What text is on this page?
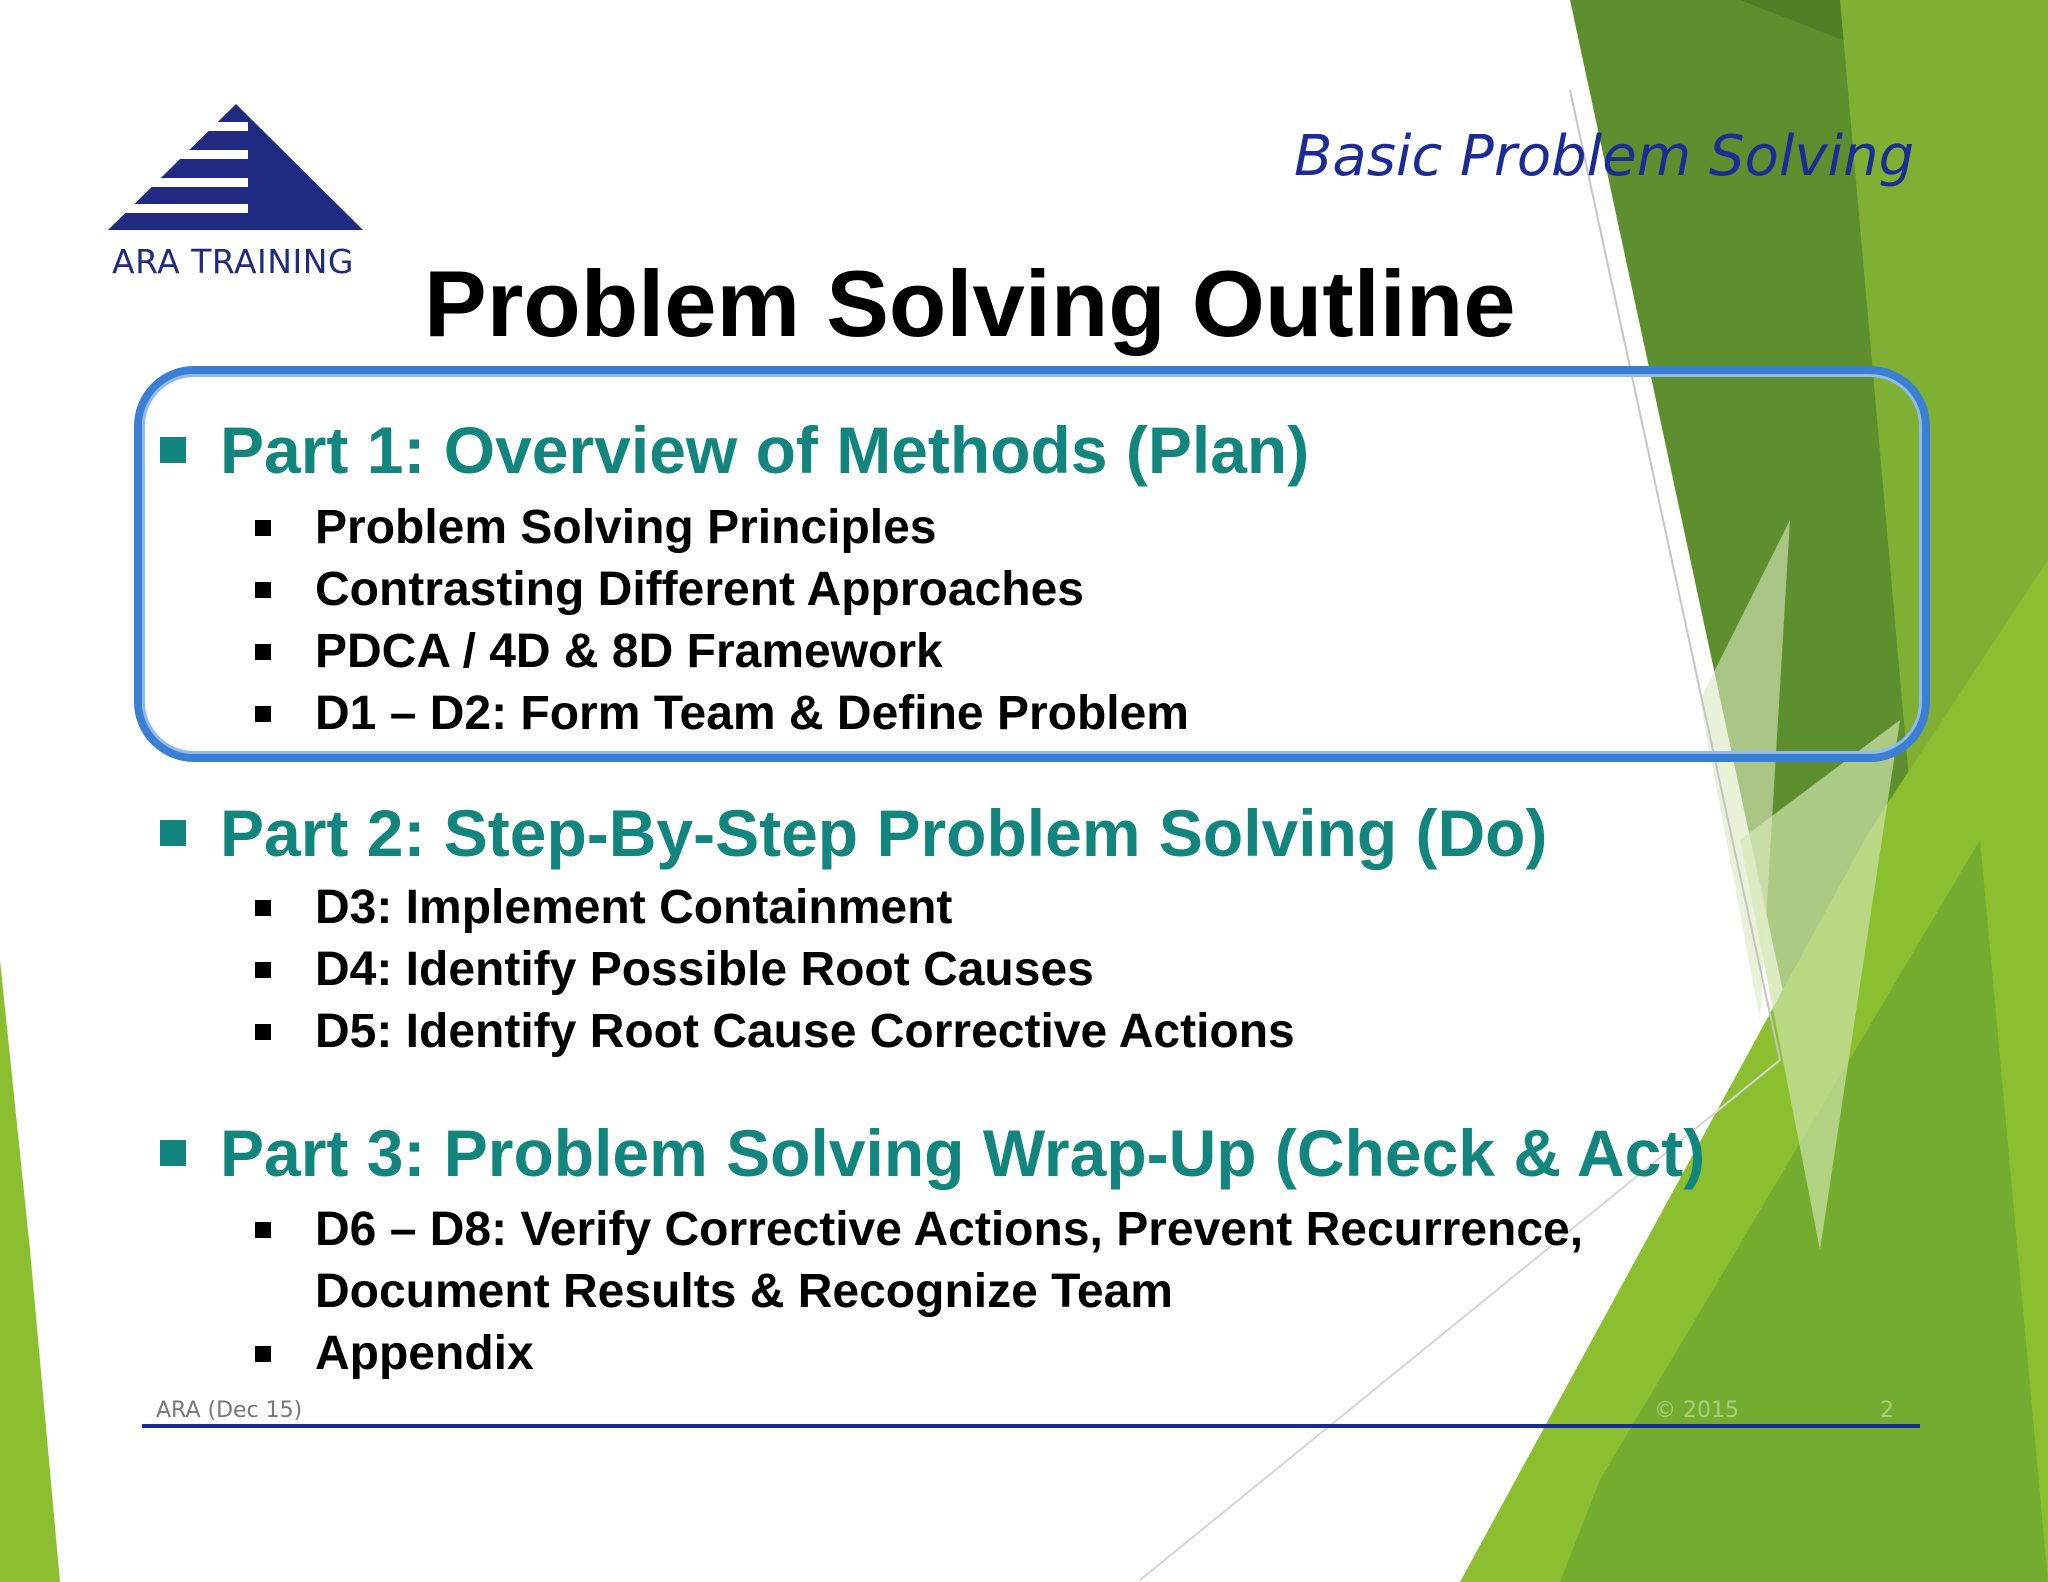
ARA TRAINING
Basic Problem Solving
Problem Solving Outline
Part 1: Overview of Methods (Plan)
Problem Solving Principles
Contrasting Different Approaches
PDCA / 4D & 8D Framework
D1 – D2: Form Team & Define Problem
Part 2: Step-By-Step Problem Solving (Do)
D3: Implement Containment
D4: Identify Possible Root Causes
D5: Identify Root Cause Corrective Actions
Part 3: Problem Solving Wrap-Up (Check & Act)
D6 – D8: Verify Corrective Actions, Prevent Recurrence,
Document Results & Recognize Team
Appendix
ARA (Dec 15)	© 2015	2
